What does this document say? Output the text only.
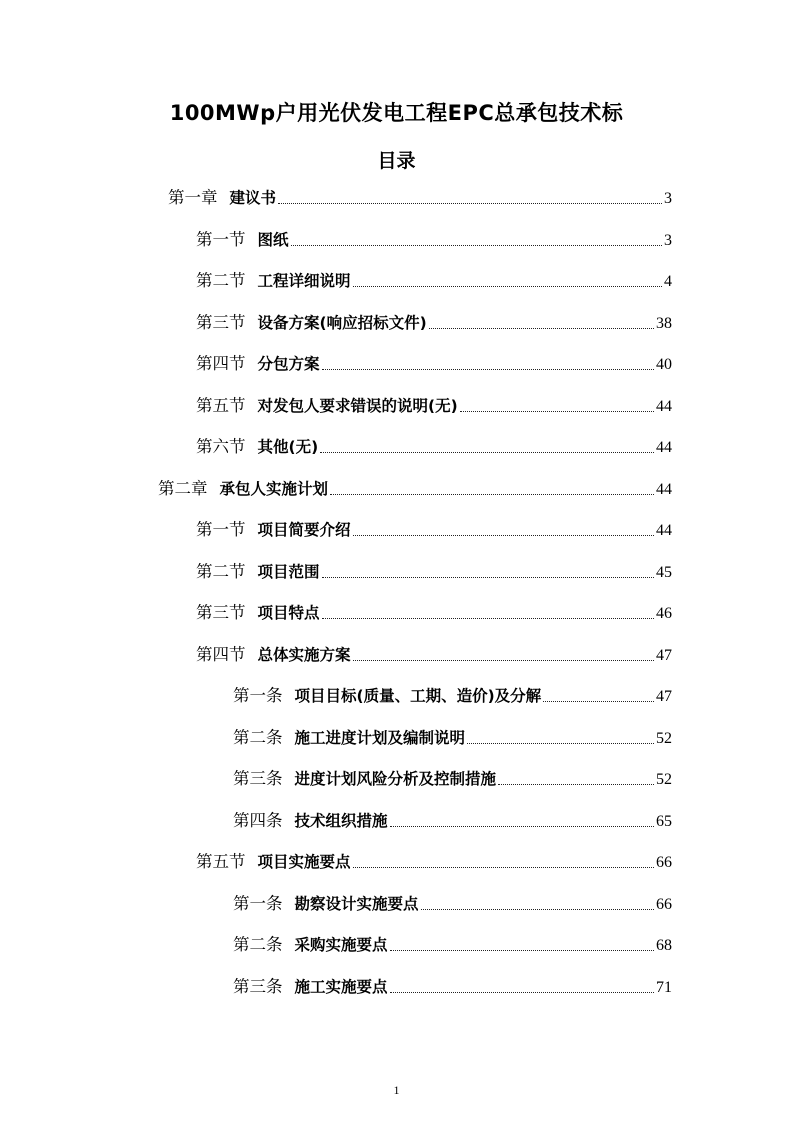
100MWp户用光伏发电工程EPC总承包技术标
目录
第一章 建议书	3
第一节 图纸	3
第二节 工程详细说明	4
第三节 设备方案(响应招标文件)	38
第四节 分包方案	40
第五节 对发包人要求错误的说明(无)	44
第六节 其他(无)	44
第二章 承包人实施计划	44
第一节 项目简要介绍	44
第二节 项目范围	45
第三节 项目特点	46
第四节 总体实施方案	47
第一条 项目目标(质量、工期、造价)及分解	47
第二条 施工进度计划及编制说明	52
第三条 进度计划风险分析及控制措施	52
第四条 技术组织措施	65
第五节 项目实施要点	66
第一条 勘察设计实施要点	66
第二条 采购实施要点	68
第三条 施工实施要点	71
1
